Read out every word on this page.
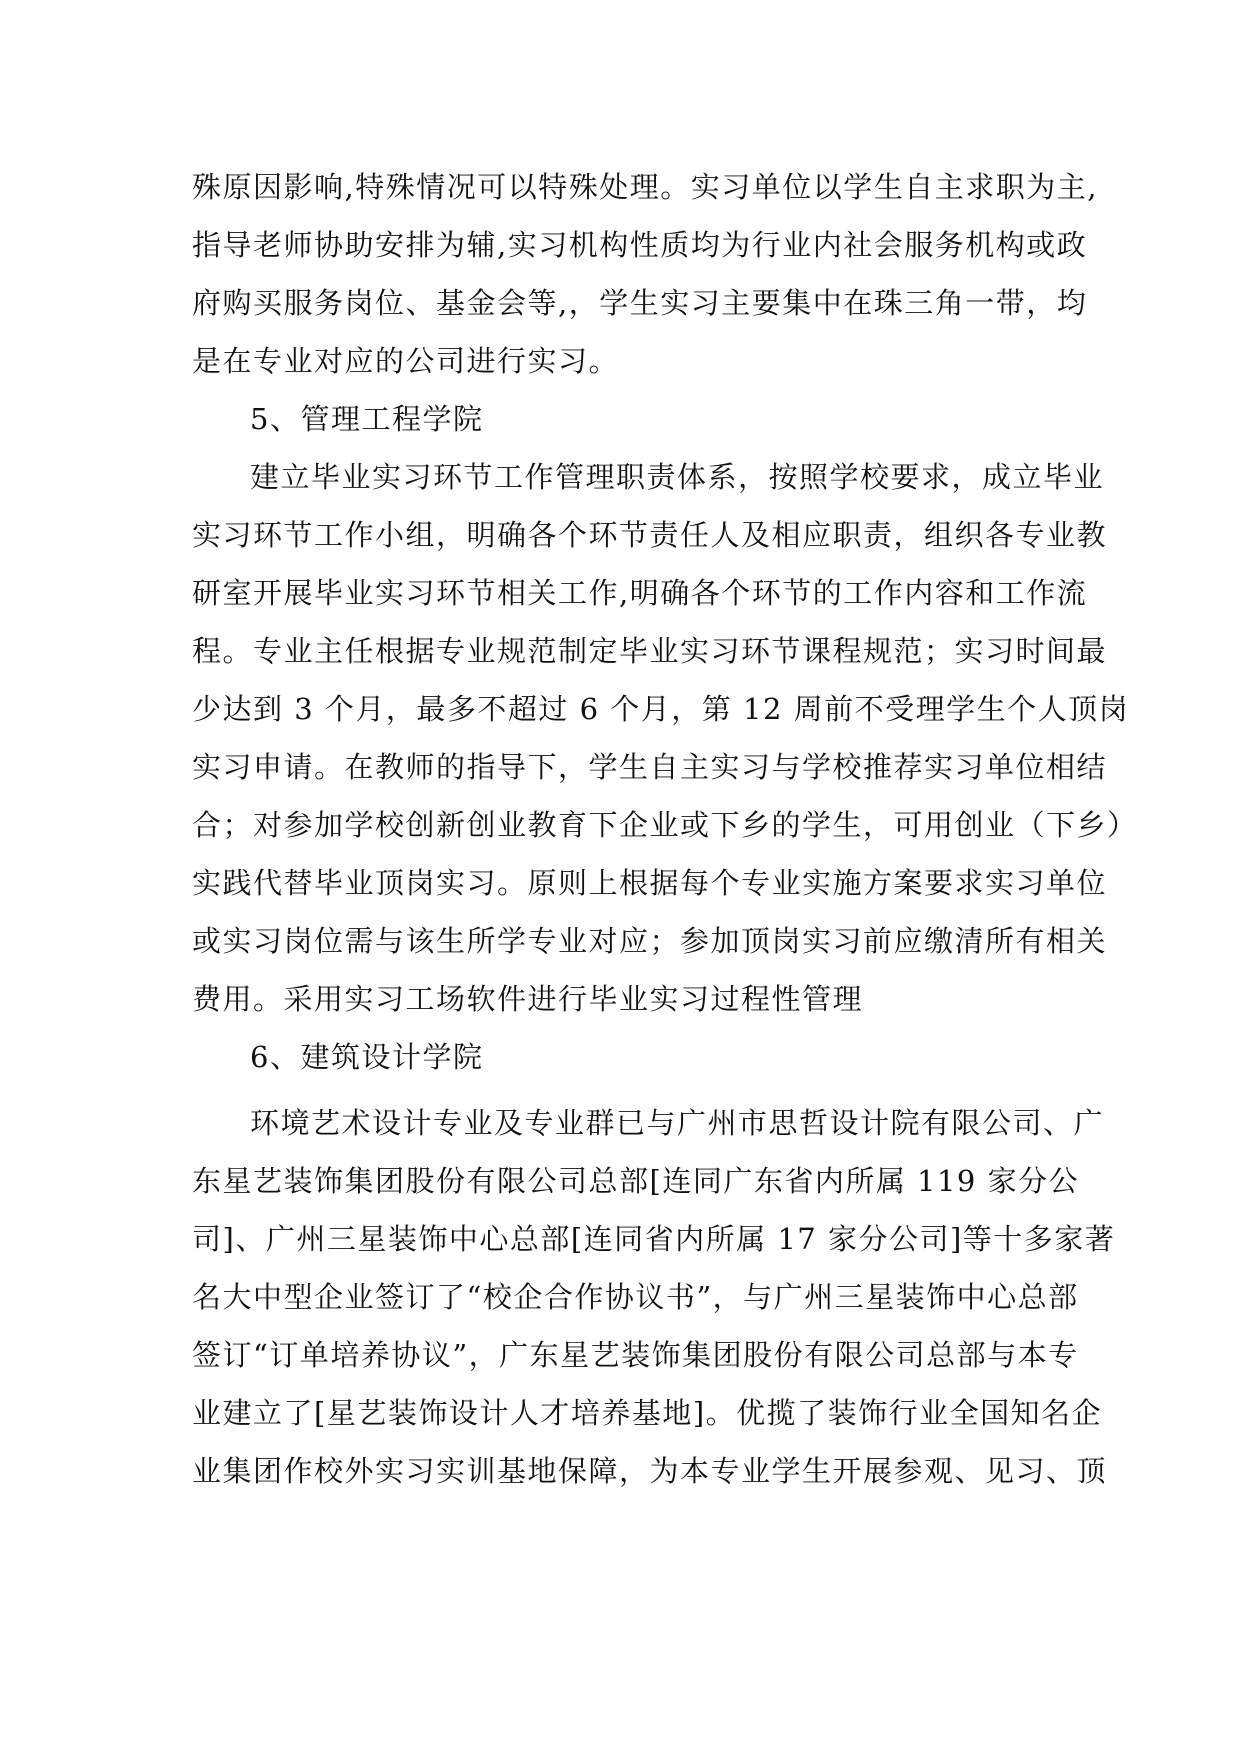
殊原因影响,特殊情况可以特殊处理。实习单位以学生自主求职为主,
指导老师协助安排为辅,实习机构性质均为行业内社会服务机构或政
府购买服务岗位、基金会等,，学生实习主要集中在珠三角一带，均
是在专业对应的公司进行实习。
5、管理工程学院
建立毕业实习环节工作管理职责体系，按照学校要求，成立毕业
实习环节工作小组，明确各个环节责任人及相应职责，组织各专业教
研室开展毕业实习环节相关工作,明确各个环节的工作内容和工作流
程。专业主任根据专业规范制定毕业实习环节课程规范；实习时间最
少达到 3 个月，最多不超过 6 个月，第 12 周前不受理学生个人顶岗
实习申请。在教师的指导下，学生自主实习与学校推荐实习单位相结
合；对参加学校创新创业教育下企业或下乡的学生，可用创业（下乡）
实践代替毕业顶岗实习。原则上根据每个专业实施方案要求实习单位
或实习岗位需与该生所学专业对应；参加顶岗实习前应缴清所有相关
费用。采用实习工场软件进行毕业实习过程性管理
6、建筑设计学院
环境艺术设计专业及专业群已与广州市思哲设计院有限公司、广
东星艺装饰集团股份有限公司总部[连同广东省内所属 119 家分公
司]、广州三星装饰中心总部[连同省内所属 17 家分公司]等十多家著
名大中型企业签订了“校企合作协议书”，与广州三星装饰中心总部
签订“订单培养协议”，广东星艺装饰集团股份有限公司总部与本专
业建立了[星艺装饰设计人才培养基地]。优揽了装饰行业全国知名企
业集团作校外实习实训基地保障，为本专业学生开展参观、见习、顶
